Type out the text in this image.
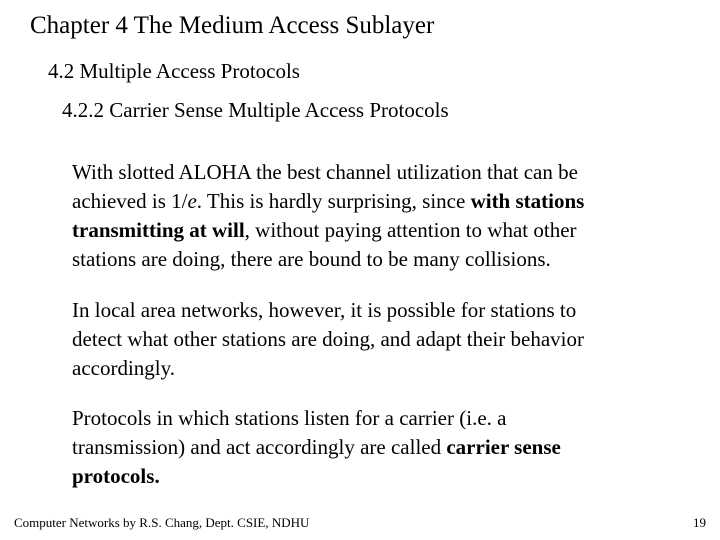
Chapter 4 The Medium Access Sublayer
4.2 Multiple Access Protocols
4.2.2 Carrier Sense Multiple Access Protocols
With slotted ALOHA the best channel utilization that can be
achieved is 1/e. This is hardly surprising, since with stations
transmitting at will, without paying attention to what other
stations are doing, there are bound to be many collisions.
In local area networks, however, it is possible for stations to
detect what other stations are doing, and adapt their behavior
accordingly.
Protocols in which stations listen for a carrier (i.e. a
transmission) and act accordingly are called carrier sense
protocols.
Computer Networks by R.S. Chang, Dept. CSIE, NDHU	19
